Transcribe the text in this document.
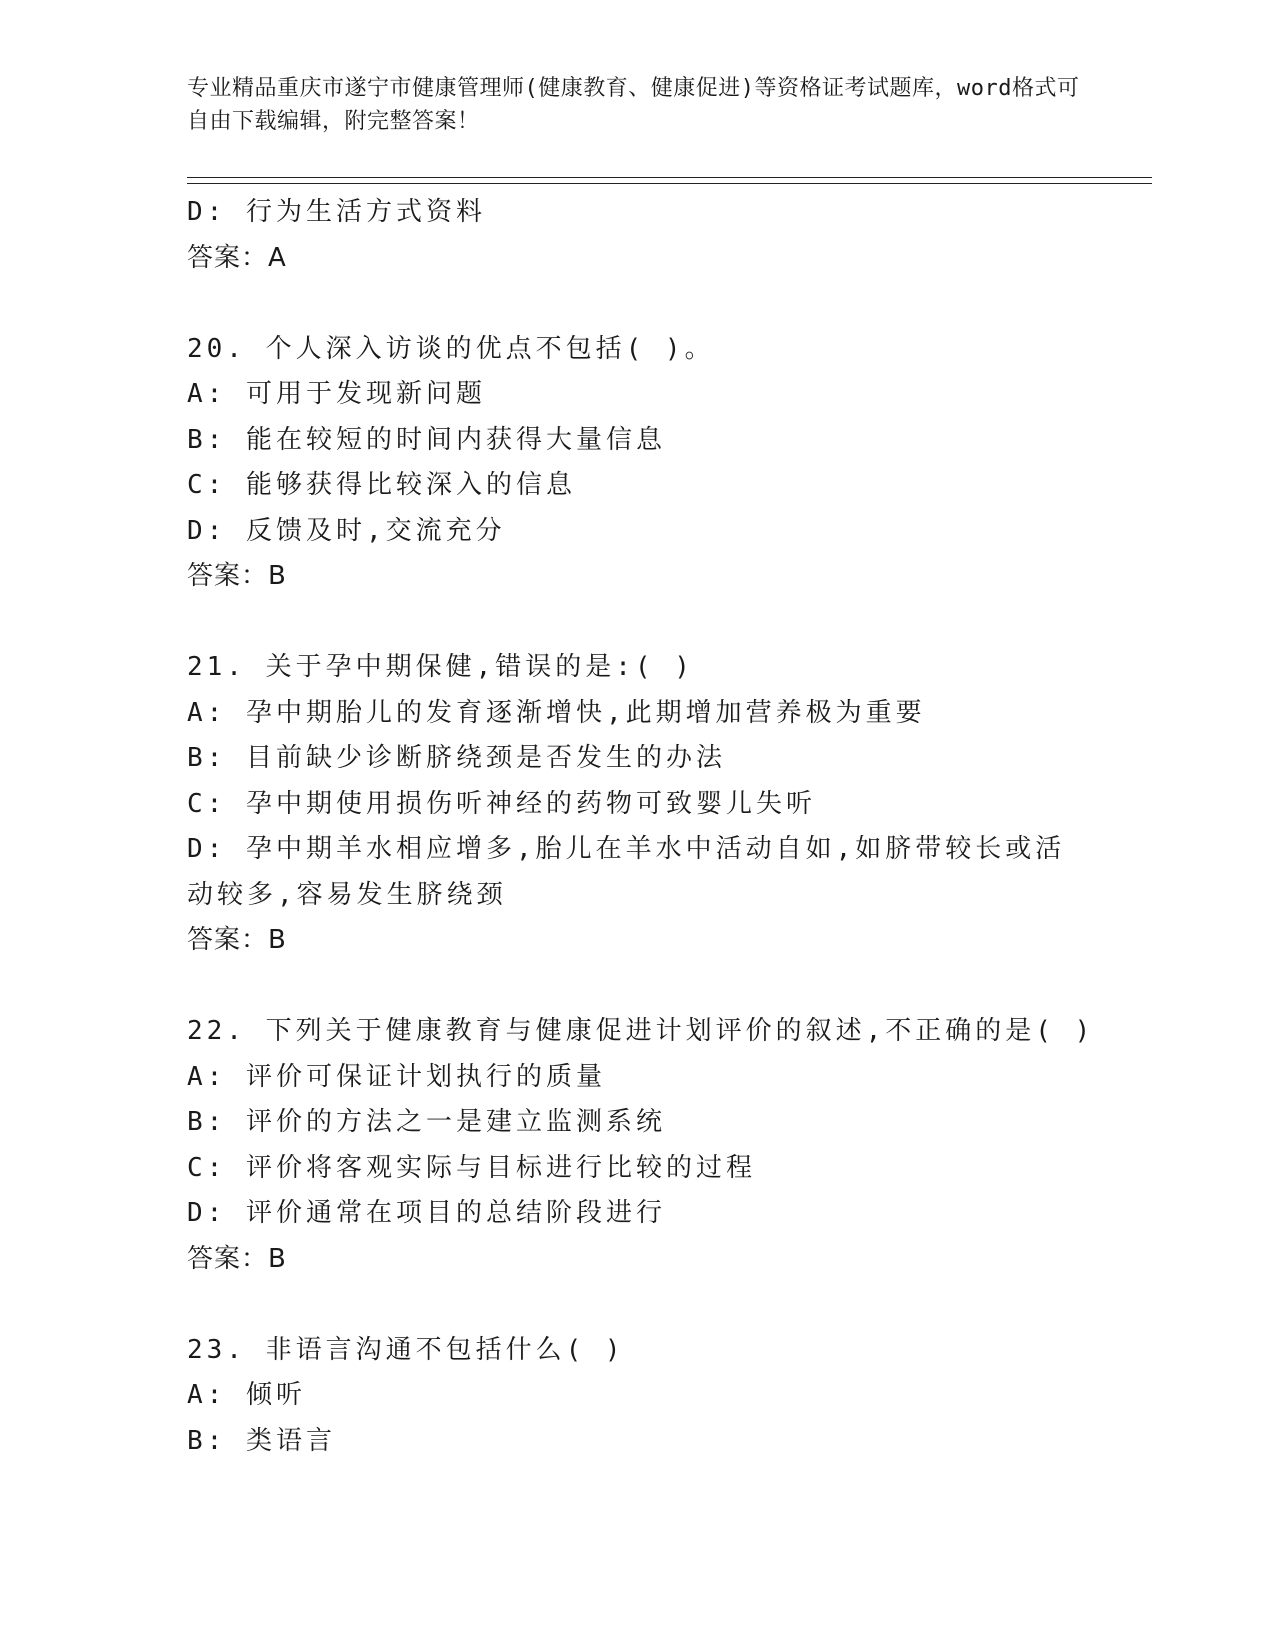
专业精品重庆市遂宁市健康管理师(健康教育、健康促进)等资格证考试题库，word格式可自由下载编辑，附完整答案！
D: 行为生活方式资料
答案：A
20. 个人深入访谈的优点不包括( )。
A: 可用于发现新问题
B: 能在较短的时间内获得大量信息
C: 能够获得比较深入的信息
D: 反馈及时,交流充分
答案：B
21. 关于孕中期保健,错误的是:( )
A: 孕中期胎儿的发育逐渐增快,此期增加营养极为重要
B: 目前缺少诊断脐绕颈是否发生的办法
C: 孕中期使用损伤听神经的药物可致婴儿失听
D: 孕中期羊水相应增多,胎儿在羊水中活动自如,如脐带较长或活动较多,容易发生脐绕颈
答案：B
22. 下列关于健康教育与健康促进计划评价的叙述,不正确的是( )
A: 评价可保证计划执行的质量
B: 评价的方法之一是建立监测系统
C: 评价将客观实际与目标进行比较的过程
D: 评价通常在项目的总结阶段进行
答案：B
23. 非语言沟通不包括什么( )
A: 倾听
B: 类语言
